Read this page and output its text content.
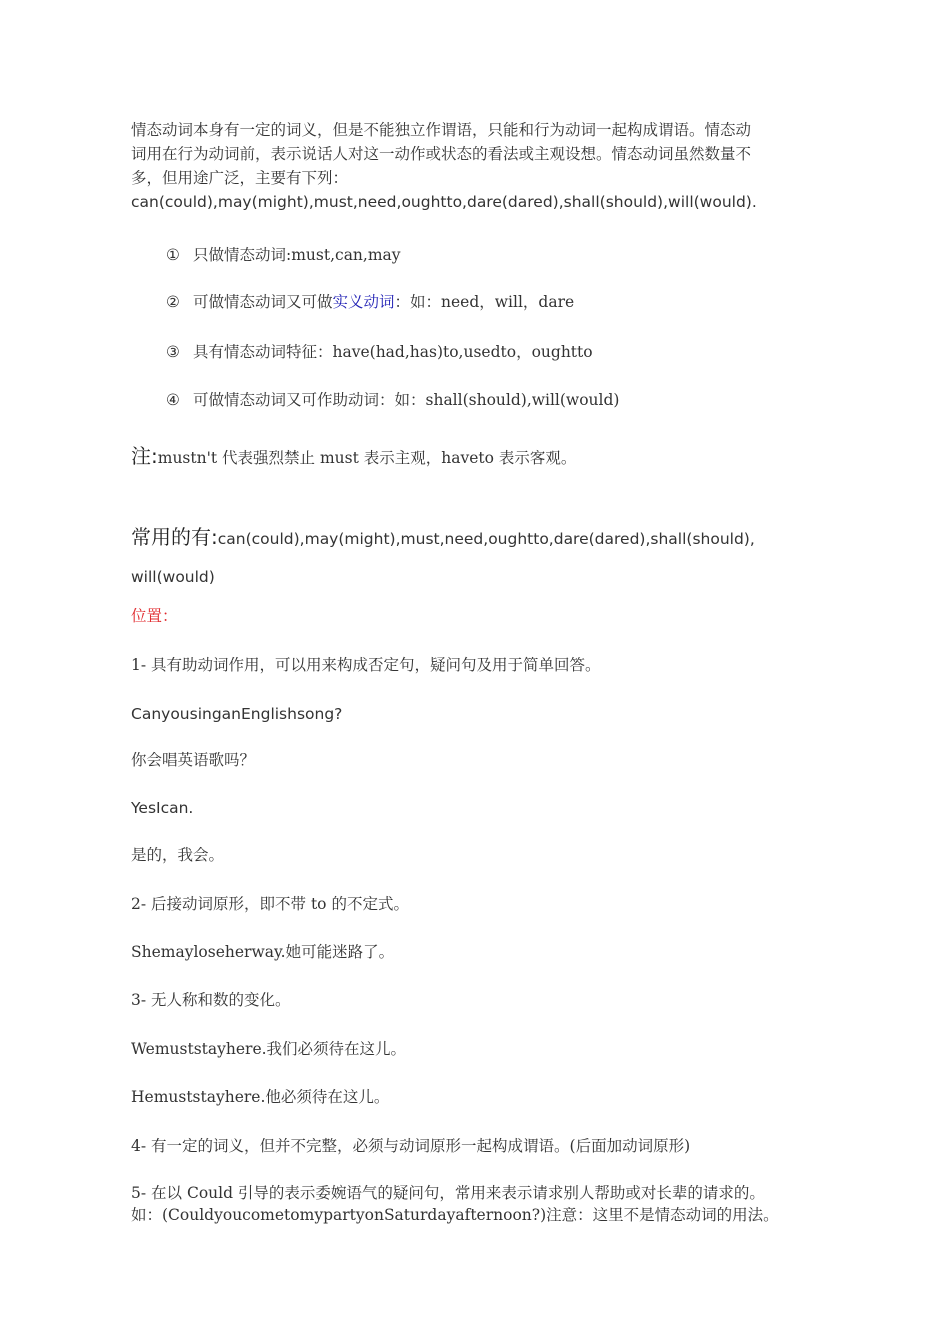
情态动词本身有一定的词义，但是不能独立作谓语，只能和行为动词一起构成谓语。情态动
词用在行为动词前，表示说话人对这一动作或状态的看法或主观设想。情态动词虽然数量不
多，但用途广泛，主要有下列：
can(could),may(might),must,need,oughtto,dare(dared),shall(should),will(would).
① 只做情态动词:must,can,may
② 可做情态动词又可做实义动词：如：need，will，dare
③ 具有情态动词特征：have(had,has)to,usedto，oughtto
④ 可做情态动词又可作助动词：如：shall(should),will(would)
注:mustn't 代表强烈禁止 must 表示主观，haveto 表示客观。
常用的有:can(could),may(might),must,need,oughtto,dare(dared),shall(should),
will(would)
位置：
1- 具有助动词作用，可以用来构成否定句，疑问句及用于简单回答。
CanyousinganEnglishsong?
你会唱英语歌吗？
YesIcan.
是的，我会。
2- 后接动词原形，即不带 to 的不定式。
Shemayloseherway.她可能迷路了。
3- 无人称和数的变化。
Wemuststayhere.我们必须待在这儿。
Hemuststayhere.他必须待在这儿。
4- 有一定的词义，但并不完整，必须与动词原形一起构成谓语。(后面加动词原形)
5- 在以 Could 引导的表示委婉语气的疑问句，常用来表示请求别人帮助或对长辈的请求的。
如：(CouldyoucometomypartyonSaturdayafternoon?)注意：这里不是情态动词的用法。
